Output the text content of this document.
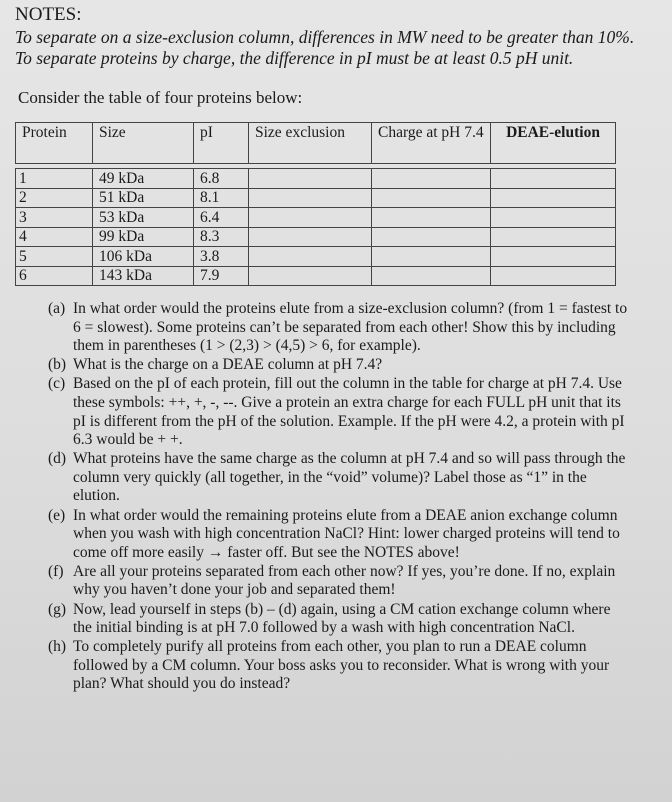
NOTES:
To separate on a size-exclusion column, differences in MW need to be greater than 10%.
To separate proteins by charge, the difference in pI must be at least 0.5 pH unit.
Consider the table of four proteins below:
Protein	Size	pI	Size exclusion	Charge at pH 7.4	DEAE-elution

1	49 kDa	6.8			
2	51 kDa	8.1			
3	53 kDa	6.4			
4	99 kDa	8.3			
5	106 kDa	3.8			
6	143 kDa	7.9			
(a) In what order would the proteins elute from a size-exclusion column? (from 1 = fastest to 6 = slowest). Some proteins can’t be separated from each other! Show this by including them in parentheses (1 > (2,3) > (4,5) > 6, for example).
(b) What is the charge on a DEAE column at pH 7.4?
(c) Based on the pI of each protein, fill out the column in the table for charge at pH 7.4. Use these symbols: ++, +, -, --. Give a protein an extra charge for each FULL pH unit that its pI is different from the pH of the solution. Example. If the pH were 4.2, a protein with pI 6.3 would be + +.
(d) What proteins have the same charge as the column at pH 7.4 and so will pass through the column very quickly (all together, in the “void” volume)? Label those as “1” in the elution.
(e) In what order would the remaining proteins elute from a DEAE anion exchange column when you wash with high concentration NaCl? Hint: lower charged proteins will tend to come off more easily → faster off. But see the NOTES above!
(f) Are all your proteins separated from each other now? If yes, you’re done. If no, explain why you haven’t done your job and separated them!
(g) Now, lead yourself in steps (b) – (d) again, using a CM cation exchange column where the initial binding is at pH 7.0 followed by a wash with high concentration NaCl.
(h) To completely purify all proteins from each other, you plan to run a DEAE column followed by a CM column. Your boss asks you to reconsider. What is wrong with your plan? What should you do instead?
